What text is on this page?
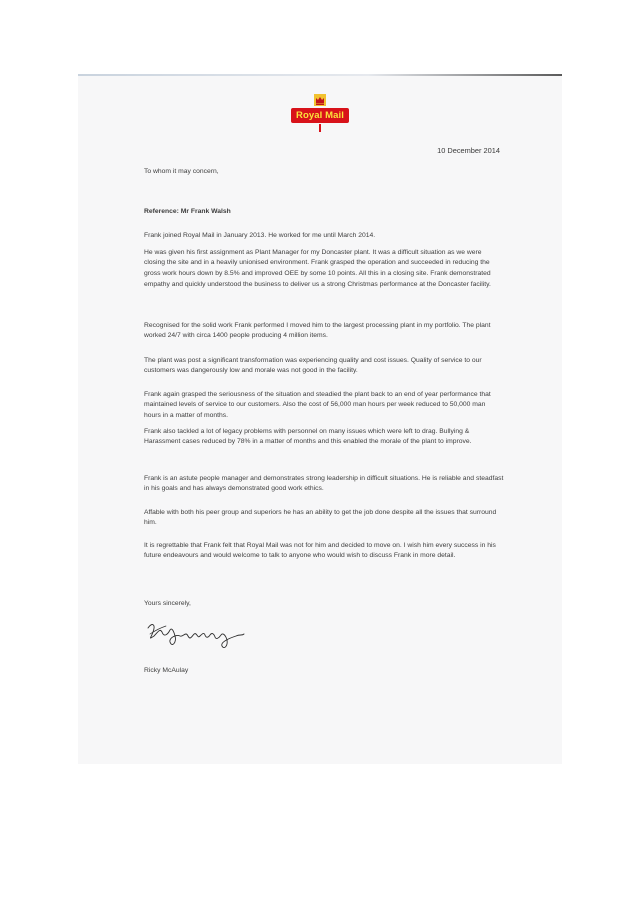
Royal Mail
10 December 2014
To whom it may concern,
Reference: Mr Frank Walsh

Frank joined Royal Mail in January 2013. He worked for me until March 2014.

He was given his first assignment as Plant Manager for my Doncaster plant. It was a difficult situation as we were closing the site and in a heavily unionised environment. Frank grasped the operation and succeeded in reducing the gross work hours down by 8.5% and improved OEE by some 10 points. All this in a closing site. Frank demonstrated empathy and quickly understood the business to deliver us a strong Christmas performance at the Doncaster facility.

Recognised for the solid work Frank performed I moved him to the largest processing plant in my portfolio. The plant worked 24/7 with circa 1400 people producing 4 million items.

The plant was post a significant transformation was experiencing quality and cost issues. Quality of service to our customers was dangerously low and morale was not good in the facility.

Frank again grasped the seriousness of the situation and steadied the plant back to an end of year performance that maintained levels of service to our customers. Also the cost of 56,000 man hours per week reduced to 50,000 man hours in a matter of months.

Frank also tackled a lot of legacy problems with personnel on many issues which were left to drag. Bullying & Harassment cases reduced by 78% in a matter of months and this enabled the morale of the plant to improve.

Frank is an astute people manager and demonstrates strong leadership in difficult situations. He is reliable and steadfast in his goals and has always demonstrated good work ethics.

Affable with both his peer group and superiors he has an ability to get the job done despite all the issues that surround him.

It is regrettable that Frank felt that Royal Mail was not for him and decided to move on. I wish him every success in his future endeavours and would welcome to talk to anyone who would wish to discuss Frank in more detail.

Yours sincerely,
Ricky McAulay
